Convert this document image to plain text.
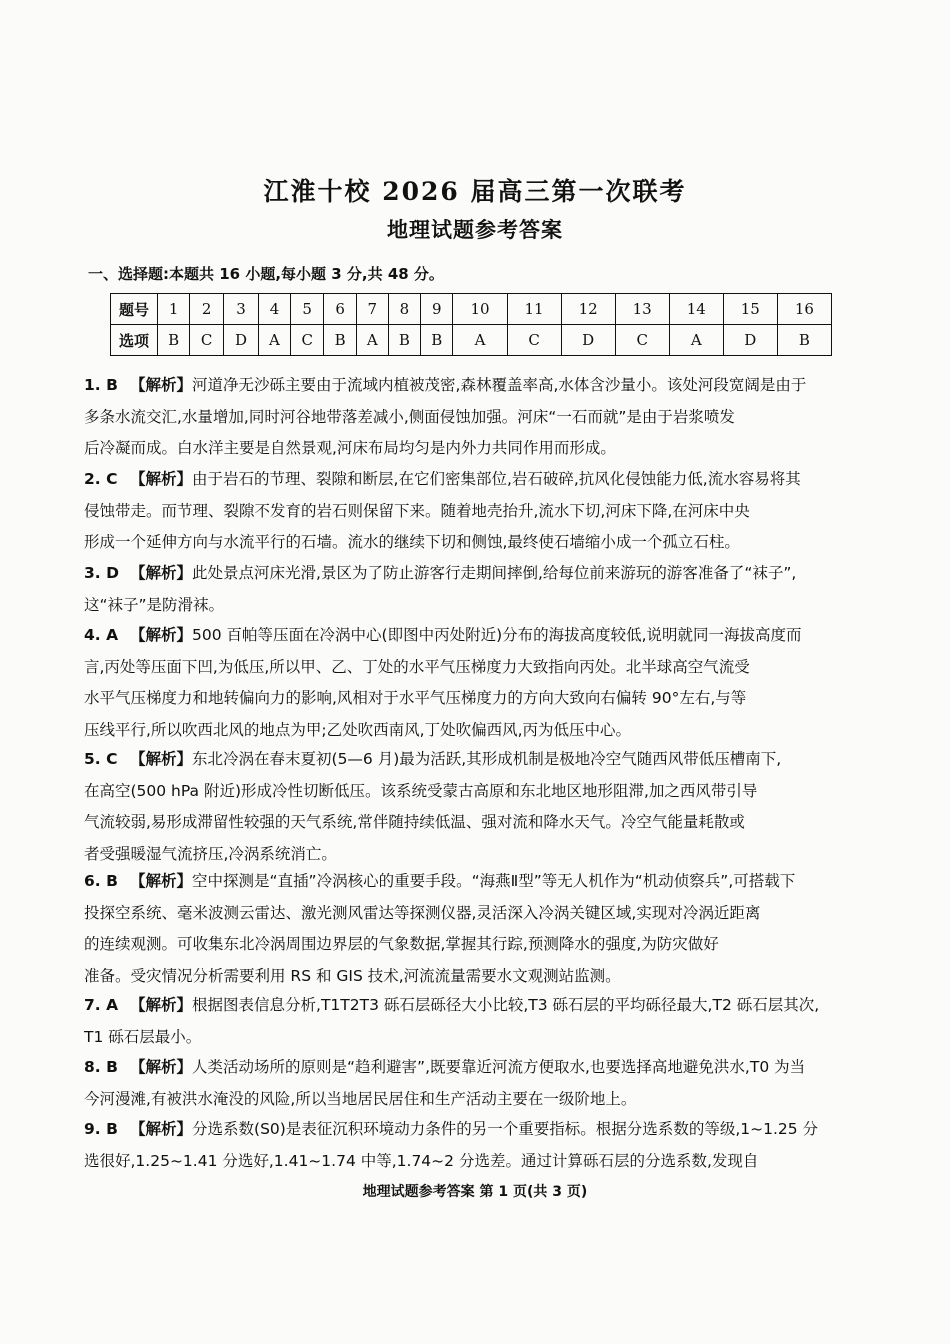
江淮十校 2026 届高三第一次联考
地理试题参考答案
一、选择题:本题共 16 小题,每小题 3 分,共 48 分。
题号	1	2	3	4	5	6	7	8	9	10	11	12	13	14	15	16
选项	B	C	D	A	C	B	A	B	B	A	C	D	C	A	D	B
1. B 【解析】河道净无沙砾主要由于流域内植被茂密,森林覆盖率高,水体含沙量小。该处河段宽阔是由于
多条水流交汇,水量增加,同时河谷地带落差减小,侧面侵蚀加强。河床“一石而就”是由于岩浆喷发
后冷凝而成。白水洋主要是自然景观,河床布局均匀是内外力共同作用而形成。
2. C 【解析】由于岩石的节理、裂隙和断层,在它们密集部位,岩石破碎,抗风化侵蚀能力低,流水容易将其
侵蚀带走。而节理、裂隙不发育的岩石则保留下来。随着地壳抬升,流水下切,河床下降,在河床中央
形成一个延伸方向与水流平行的石墙。流水的继续下切和侧蚀,最终使石墙缩小成一个孤立石柱。
3. D 【解析】此处景点河床光滑,景区为了防止游客行走期间摔倒,给每位前来游玩的游客准备了“袜子”,
这“袜子”是防滑袜。
4. A 【解析】500 百帕等压面在冷涡中心(即图中丙处附近)分布的海拔高度较低,说明就同一海拔高度而
言,丙处等压面下凹,为低压,所以甲、乙、丁处的水平气压梯度力大致指向丙处。北半球高空气流受
水平气压梯度力和地转偏向力的影响,风相对于水平气压梯度力的方向大致向右偏转 90°左右,与等
压线平行,所以吹西北风的地点为甲;乙处吹西南风,丁处吹偏西风,丙为低压中心。
5. C 【解析】东北冷涡在春末夏初(5—6 月)最为活跃,其形成机制是极地冷空气随西风带低压槽南下,
在高空(500 hPa 附近)形成冷性切断低压。该系统受蒙古高原和东北地区地形阻滞,加之西风带引导
气流较弱,易形成滞留性较强的天气系统,常伴随持续低温、强对流和降水天气。冷空气能量耗散或
者受强暖湿气流挤压,冷涡系统消亡。
6. B 【解析】空中探测是“直插”冷涡核心的重要手段。“海燕Ⅱ型”等无人机作为“机动侦察兵”,可搭载下
投探空系统、毫米波测云雷达、激光测风雷达等探测仪器,灵活深入冷涡关键区域,实现对冷涡近距离
的连续观测。可收集东北冷涡周围边界层的气象数据,掌握其行踪,预测降水的强度,为防灾做好
准备。受灾情况分析需要利用 RS 和 GIS 技术,河流流量需要水文观测站监测。
7. A 【解析】根据图表信息分析,T1T2T3 砾石层砾径大小比较,T3 砾石层的平均砾径最大,T2 砾石层其次,
T1 砾石层最小。
8. B 【解析】人类活动场所的原则是“趋利避害”,既要靠近河流方便取水,也要选择高地避免洪水,T0 为当
今河漫滩,有被洪水淹没的风险,所以当地居民居住和生产活动主要在一级阶地上。
9. B 【解析】分选系数(S0)是表征沉积环境动力条件的另一个重要指标。根据分选系数的等级,1~1.25 分
选很好,1.25~1.41 分选好,1.41~1.74 中等,1.74~2 分选差。通过计算砾石层的分选系数,发现自
地理试题参考答案 第 1 页(共 3 页)
